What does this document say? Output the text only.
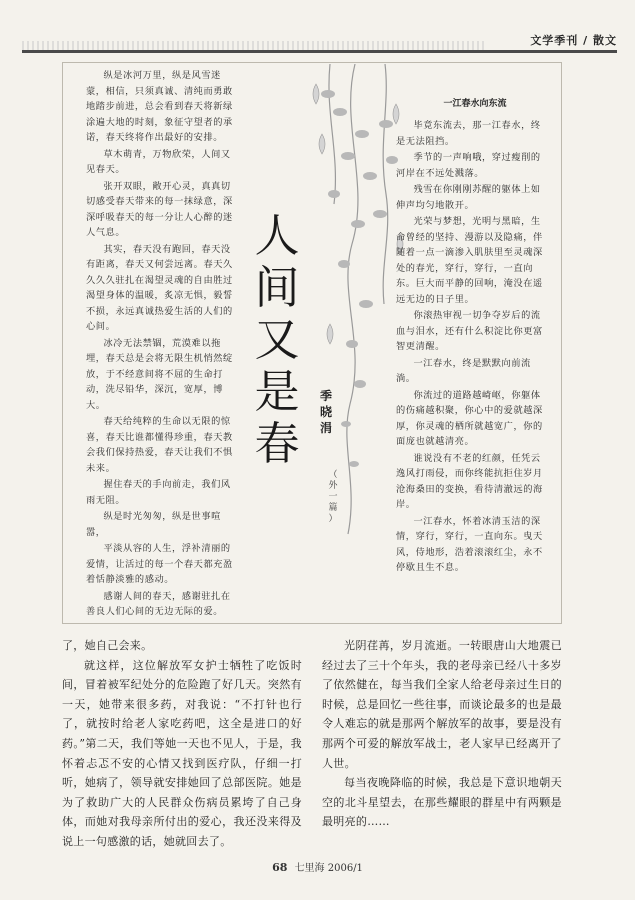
文学季刊 / 散文

纵是冰河万里，纵是风雪迷蒙，相信，只须真诚、清纯而勇敢地踏步前进，总会看到春天将新绿涂遍大地的时刻，象征守望者的承诺，春天终将作出最好的安排。

草木萌青，万物欣荣，人间又见春天。

张开双眼，敞开心灵，真真切切感受春天带来的每一抹绿意，深深呼吸春天的每一分让人心醉的迷人气息。

其实，春天没有跑回，春天没有距离，春天又何尝远离。春天久久久久驻扎在渴望灵魂的自由胜过渴望身体的温暖，炙凉无惧，毅誓不损，永远真诚热爱生活的人们的心间。

冰冷无法禁锢，荒漠难以拖埋，春天总是会将无限生机悄然绽放，于不经意间将不屈的生命打动，洗尽铅华，深沉，宽厚，博大。

春天给纯粹的生命以无限的惊喜，春天比谁都懂得珍重，春天教会我们保持热爱，春天让我们不惧未来。

握住春天的手向前走，我们风雨无阻。

纵是时光匆匆，纵是世事喧嚣，

平淡从容的人生，浮补清丽的爱情，让活过的每一个春天都充盈着恬静淡雅的感动。

感谢人间的春天，感谢驻扎在善良人们心间的无边无际的爱。

一江春水向东流

毕竟东流去，那一江春水，终是无法阻挡。

季节的一声响哦，穿过瘦削的河岸在不远处溅落。

残雪在你刚刚苏醒的躯体上如伸声均匀地散开。

光荣与梦想，光明与黑暗，生命曾经的坚持、漫游以及隐痛，伴随着一点一滴渗入肌肤里至灵魂深处的春光，穿行，穿行，一直向东。巨大而平静的回响，淹没在遥远无边的日子里。

你滚热审视一切争夺岁后的流血与泪水，还有什么积淀比你更富智更清醒。

一江春水，终是默默向前流淌。

你流过的道路越崎岖，你躯体的伤痛越积聚，你心中的爱就越深厚，你灵魂的栖所就越宽广，你的面庞也就越清亮。

谁说没有不老的红颜，任凭云逸风打雨侵，而你终能抗拒住岁月沧海桑田的变换，看待清澈远的海岸。

一江春水，怀着冰清玉洁的深情，穿行，穿行，一直向东。曳天风，侍地形，浩着滚滚红尘，永不停歇且生不息。

人
间
又
是
春
季
晓
涓
（
外
一
篇
）

了，她自己会来。

就这样，这位解放军女护士牺牲了吃饭时间，冒着被军纪处分的危险跑了好几天。突然有一天，她带来很多药，对我说：“不打针也行了，就按时给老人家吃药吧，这全是进口的好药。”第二天，我们等她一天也不见人，于是，我怀着忐忑不安的心情又找到医疗队，仔细一打听，她病了，领导就安排她回了总部医院。她是为了救助广大的人民群众伤病员累垮了自己身体，而她对我母亲所付出的爱心，我还没来得及说上一句感激的话，她就回去了。

光阴荏苒，岁月流逝。一转眼唐山大地震已经过去了三十个年头，我的老母亲已经八十多岁了依然健在，每当我们全家人给老母亲过生日的时候，总是回忆一些往事，而谈论最多的也是最令人难忘的就是那两个解放军的故事，要是没有那两个可爱的解放军战士，老人家早已经离开了人世。

每当夜晚降临的时候，我总是下意识地朝天空的北斗星望去，在那些耀眼的群星中有两颗是最明亮的……

68 七里海 2006/1
